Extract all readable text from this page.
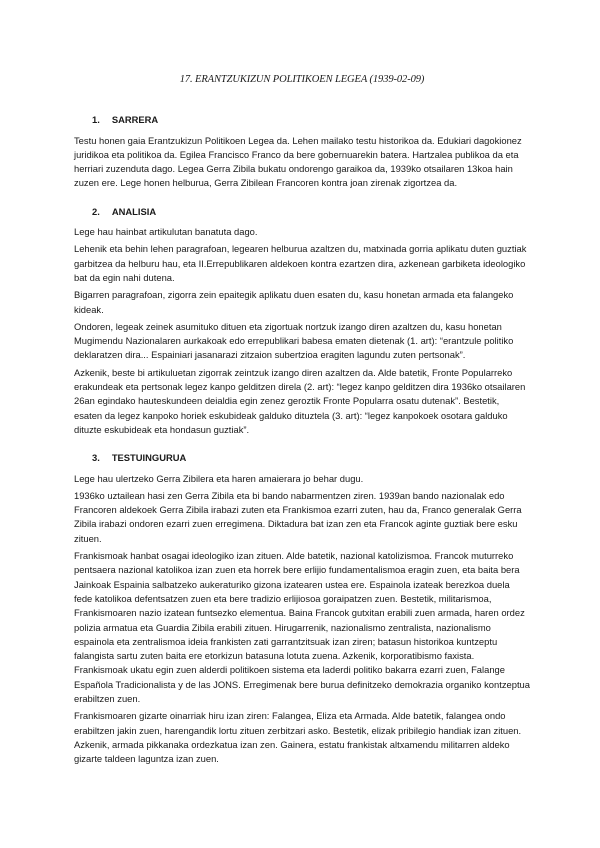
17. ERANTZUKIZUN POLITIKOEN LEGEA (1939-02-09)
1. SARRERA

Testu honen gaia Erantzukizun Politikoen Legea da. Lehen mailako testu historikoa da. Edukiari dagokionez juridikoa eta politikoa da. Egilea Francisco Franco da bere gobernuarekin batera. Hartzalea publikoa da eta herriari zuzenduta dago. Legea Gerra Zibila bukatu ondorengo garaikoa da, 1939ko otsailaren 13koa hain zuzen ere. Lege honen helburua, Gerra Zibilean Francoren kontra joan zirenak zigortzea da.

2. ANALISIA

Lege hau hainbat artikulutan banatuta dago.

Lehenik eta behin lehen paragrafoan, legearen helburua azaltzen du, matxinada gorria aplikatu duten guztiak garbitzea da helburu hau, eta II.Errepublikaren aldekoen kontra ezartzen dira, azkenean garbiketa ideologiko bat da egin nahi dutena.

Bigarren paragrafoan, zigorra zein epaitegik aplikatu duen esaten du, kasu honetan armada eta falangeko kideak.

Ondoren, legeak zeinek asumituko dituen eta zigortuak nortzuk izango diren azaltzen du, kasu honetan Mugimendu Nazionalaren aurkakoak edo errepublikari babesa ematen dietenak (1. art): “erantzule politiko deklaratzen dira... Espainiari jasanarazi zitzaion subertzioa eragiten lagundu zuten pertsonak”.

Azkenik, beste bi artikuluetan zigorrak zeintzuk izango diren azaltzen da. Alde batetik, Fronte Popularreko erakundeak eta pertsonak legez kanpo gelditzen direla (2. art): “legez kanpo gelditzen dira 1936ko otsailaren 26an egindako hauteskundeen deialdia egin zenez geroztik Fronte Popularra osatu dutenak”. Bestetik, esaten da legez kanpoko horiek eskubideak galduko dituztela (3. art): “legez kanpokoek osotara galduko dituzte eskubideak eta hondasun guztiak”.

3. TESTUINGURUA

Lege hau ulertzeko Gerra Zibilera eta haren amaierara jo behar dugu.

1936ko uztailean hasi zen Gerra Zibila eta bi bando nabarmentzen ziren. 1939an bando nazionalak edo Francoren aldekoek Gerra Zibila irabazi zuten eta Frankismoa ezarri zuten, hau da, Franco generalak Gerra Zibila irabazi ondoren ezarri zuen erregimena. Diktadura bat izan zen eta Francok aginte guztiak bere esku zituen.

Frankismoak hanbat osagai ideologiko izan zituen. Alde batetik, nazional katolizismoa. Francok muturreko pentsaera nazional katolikoa izan zuen eta horrek bere erlijio fundamentalismoa eragin zuen, eta baita bera Jainkoak Espainia salbatzeko aukeraturiko gizona izatearen ustea ere. Espainola izateak berezkoa duela fede katolikoa defentsatzen zuen eta bere tradizio erlijiosoa goraipatzen zuen. Bestetik, militarismoa, Frankismoaren nazio izatean funtsezko elementua. Baina Francok gutxitan erabili zuen armada, haren ordez polizia armatua eta Guardia Zibila erabili zituen. Hirugarrenik, nazionalismo zentralista, nazionalismo espainola eta zentralismoa ideia frankisten zati garrantzitsuak izan ziren; batasun historikoa kuntzeptu falangista sartu zuten baita ere etorkizun batasuna lotuta zuena. Azkenik, korporatibismo faxista. Frankismoak ukatu egin zuen alderdi politikoen sistema eta laderdi politiko bakarra ezarri zuen, Falange Española Tradicionalista y de las JONS. Erregimenak bere burua definitzeko demokrazia organiko kontzeptua erabiltzen zuen.

Frankismoaren gizarte oinarriak hiru izan ziren: Falangea, Eliza eta Armada. Alde batetik, falangea ondo erabiltzen jakin zuen, harengandik lortu zituen zerbitzari asko. Bestetik, elizak pribilegio handiak izan zituen. Azkenik, armada pikkanaka ordezkatua izan zen. Gainera, estatu frankistak altxamendu militarren aldeko gizarte taldeen laguntza izan zuen.
